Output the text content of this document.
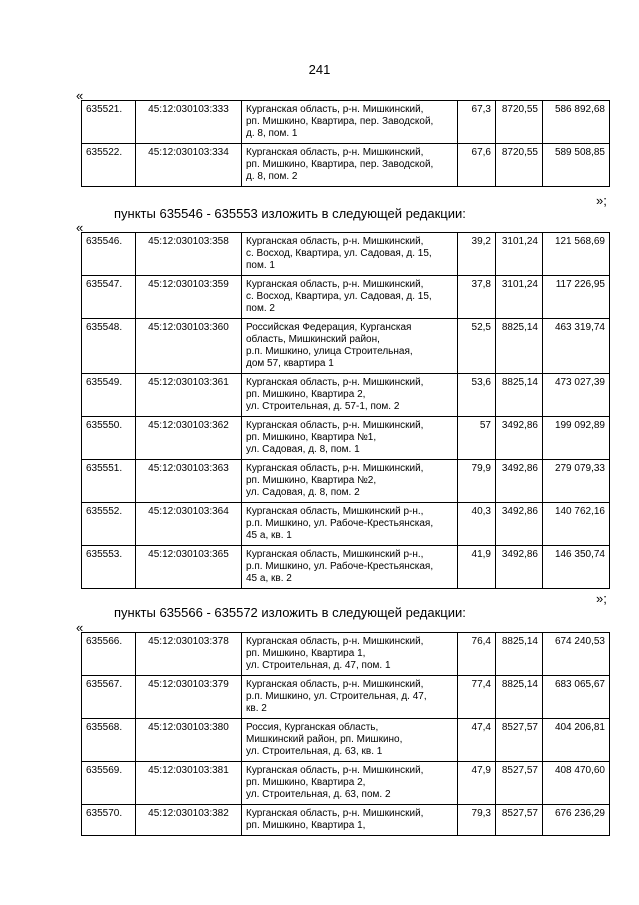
241
«
635521.	45:12:030103:333	Курганская область, р-н. Мишкинский,
рп. Мишкино, Квартира, пер. Заводской,
д. 8, пом. 1	67,3	8720,55	586 892,68
635522.	45:12:030103:334	Курганская область, р-н. Мишкинский,
рп. Мишкино, Квартира, пер. Заводской,
д. 8, пом. 2	67,6	8720,55	589 508,85
»;
пункты 635546 - 635553 изложить в следующей редакции:
«
635546.	45:12:030103:358	Курганская область, р-н. Мишкинский,
с. Восход, Квартира, ул. Садовая, д. 15,
пом. 1	39,2	3101,24	121 568,69
635547.	45:12:030103:359	Курганская область, р-н. Мишкинский,
с. Восход, Квартира, ул. Садовая, д. 15,
пом. 2	37,8	3101,24	117 226,95
635548.	45:12:030103:360	Российская Федерация, Курганская
область, Мишкинский район,
р.п. Мишкино, улица Строительная,
дом 57, квартира 1	52,5	8825,14	463 319,74
635549.	45:12:030103:361	Курганская область, р-н. Мишкинский,
рп. Мишкино, Квартира 2,
ул. Строительная, д. 57-1, пом. 2	53,6	8825,14	473 027,39
635550.	45:12:030103:362	Курганская область, р-н. Мишкинский,
рп. Мишкино, Квартира №1,
ул. Садовая, д. 8, пом. 1	57	3492,86	199 092,89
635551.	45:12:030103:363	Курганская область, р-н. Мишкинский,
рп. Мишкино, Квартира №2,
ул. Садовая, д. 8, пом. 2	79,9	3492,86	279 079,33
635552.	45:12:030103:364	Курганская область, Мишкинский р-н.,
р.п. Мишкино, ул. Рабоче-Крестьянская,
45 а, кв. 1	40,3	3492,86	140 762,16
635553.	45:12:030103:365	Курганская область, Мишкинский р-н.,
р.п. Мишкино, ул. Рабоче-Крестьянская,
45 а, кв. 2	41,9	3492,86	146 350,74
»;
пункты 635566 - 635572 изложить в следующей редакции:
«
635566.	45:12:030103:378	Курганская область, р-н. Мишкинский,
рп. Мишкино, Квартира 1,
ул. Строительная, д. 47, пом. 1	76,4	8825,14	674 240,53
635567.	45:12:030103:379	Курганская область, р-н. Мишкинский,
р.п. Мишкино, ул. Строительная, д. 47,
кв. 2	77,4	8825,14	683 065,67
635568.	45:12:030103:380	Россия, Курганская область,
Мишкинский район, рп. Мишкино,
ул. Строительная, д. 63, кв. 1	47,4	8527,57	404 206,81
635569.	45:12:030103:381	Курганская область, р-н. Мишкинский,
рп. Мишкино, Квартира 2,
ул. Строительная, д. 63, пом. 2	47,9	8527,57	408 470,60
635570.	45:12:030103:382	Курганская область, р-н. Мишкинский,
рп. Мишкино, Квартира 1,	79,3	8527,57	676 236,29
